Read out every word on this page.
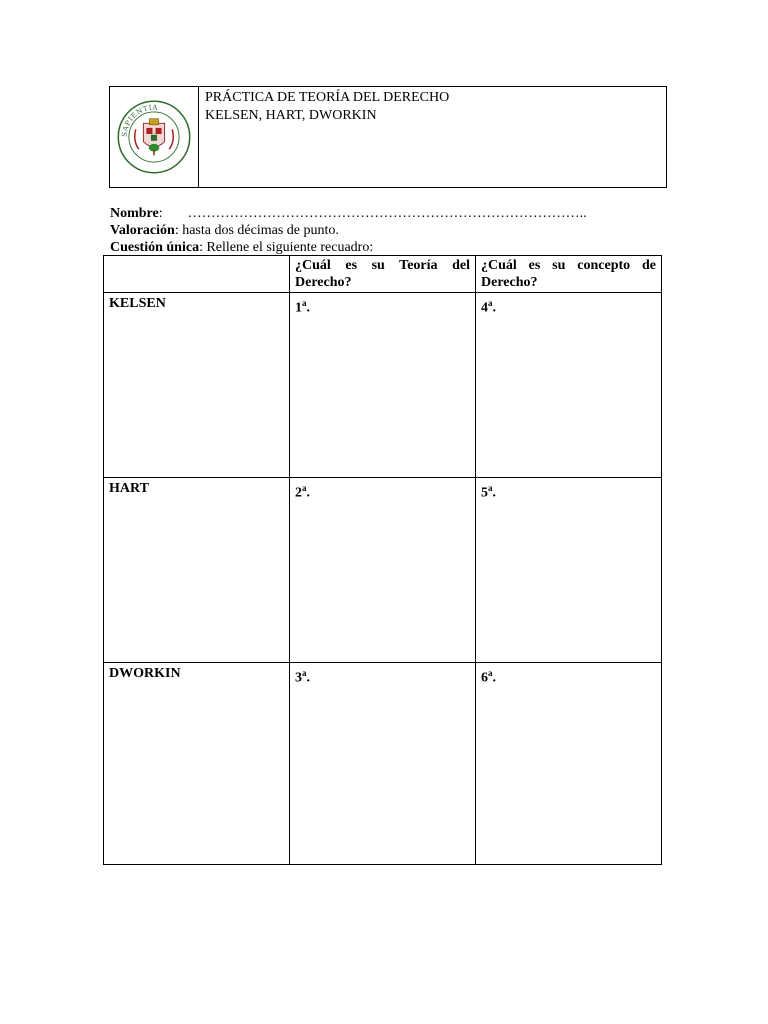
SAPIENTIA
PRÁCTICA DE TEORÍA DEL DERECHO
KELSEN, HART, DWORKIN
Nombre: …………………………………………………………………………..
Valoración: hasta dos décimas de punto.
Cuestión única: Rellene el siguiente recuadro:
	¿Cuál es su Teoría del Derecho?	¿Cuál es su concepto de Derecho?
KELSEN	1$^a$.	4$^a$.
HART	2$^a$.	5$^a$.
DWORKIN	3$^a$.	6$^a$.
